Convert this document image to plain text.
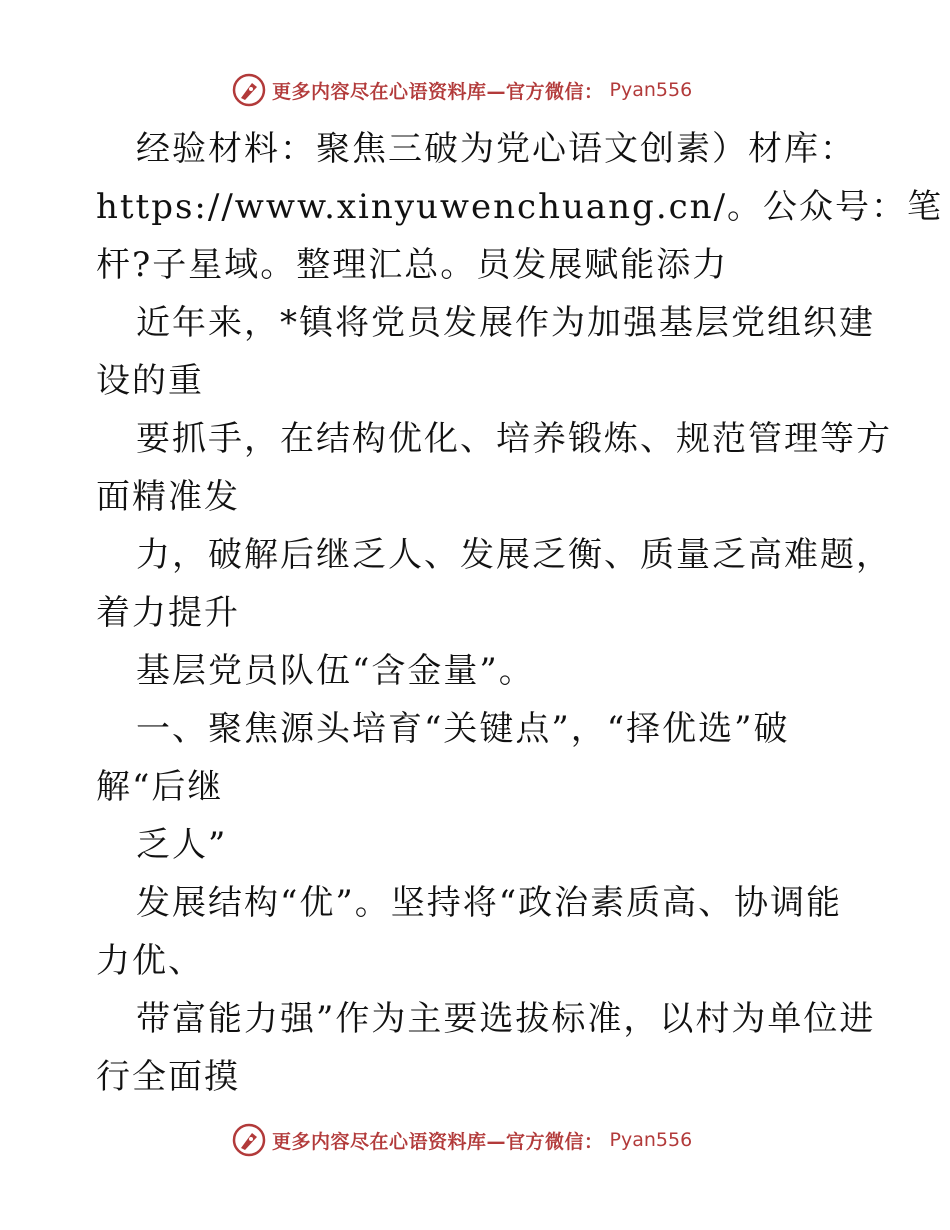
更多内容尽在心语资料库—官方微信： Pyan556
经验材料：聚焦三破为党心语文创素）材库：
https://www.xinyuwenchuang.cn/。公众号：笔
杆?子星域。整理汇总。员发展赋能添力
近年来，*镇将党员发展作为加强基层党组织建
设的重
要抓手，在结构优化、培养锻炼、规范管理等方
面精准发
力，破解后继乏人、发展乏衡、质量乏高难题，
着力提升
基层党员队伍“含金量”。
一、聚焦源头培育“关键点”，“择优选”破
解“后继
乏人”
发展结构“优”。坚持将“政治素质高、协调能
力优、
带富能力强”作为主要选拔标准，以村为单位进
行全面摸
更多内容尽在心语资料库—官方微信： Pyan556
